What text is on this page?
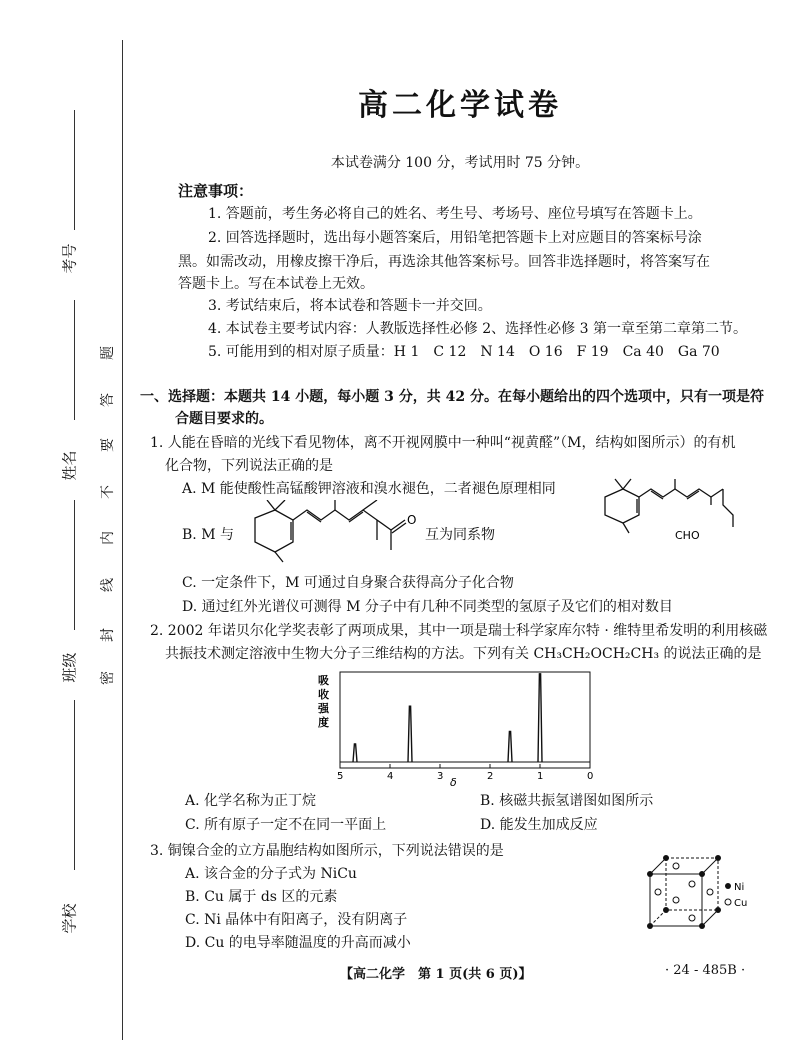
考号
姓名
班级
学校
题
答
要
不
内
线
封
密
高二化学试卷
本试卷满分 100 分，考试用时 75 分钟。
注意事项：
1. 答题前，考生务必将自己的姓名、考生号、考场号、座位号填写在答题卡上。
2. 回答选择题时，选出每小题答案后，用铅笔把答题卡上对应题目的答案标号涂
黑。如需改动，用橡皮擦干净后，再选涂其他答案标号。回答非选择题时，将答案写在
答题卡上。写在本试卷上无效。
3. 考试结束后，将本试卷和答题卡一并交回。
4. 本试卷主要考试内容：人教版选择性必修 2、选择性必修 3 第一章至第二章第二节。
5. 可能用到的相对原子质量：H 1　C 12　N 14　O 16　F 19　Ca 40　Ga 70
一、选择题：本题共 14 小题，每小题 3 分，共 42 分。在每小题给出的四个选项中，只有一项是符
合题目要求的。
1. 人能在昏暗的光线下看见物体，离不开视网膜中一种叫“视黄醛”（M，结构如图所示）的有机
化合物，下列说法正确的是
A. M 能使酸性高锰酸钾溶液和溴水褪色，二者褪色原理相同
B. M 与	互为同系物
O
CHO
C. 一定条件下，M 可通过自身聚合获得高分子化合物
D. 通过红外光谱仪可测得 M 分子中有几种不同类型的氢原子及它们的相对数目
2. 2002 年诺贝尔化学奖表彰了两项成果，其中一项是瑞士科学家库尔特 · 维特里希发明的利用核磁
共振技术测定溶液中生物大分子三维结构的方法。下列有关 CH₃CH₂OCH₂CH₃ 的说法正确的是
吸
收
强
度
5	4	3	2	1	0
δ
A. 化学名称为正丁烷	B. 核磁共振氢谱图如图所示
C. 所有原子一定不在同一平面上	D. 能发生加成反应
3. 铜镍合金的立方晶胞结构如图所示，下列说法错误的是
A. 该合金的分子式为 NiCu
B. Cu 属于 ds 区的元素
C. Ni 晶体中有阳离子，没有阴离子
D. Cu 的电导率随温度的升高而减小
Ni
Cu
【高二化学　第 1 页(共 6 页)】	· 24 - 485B ·
